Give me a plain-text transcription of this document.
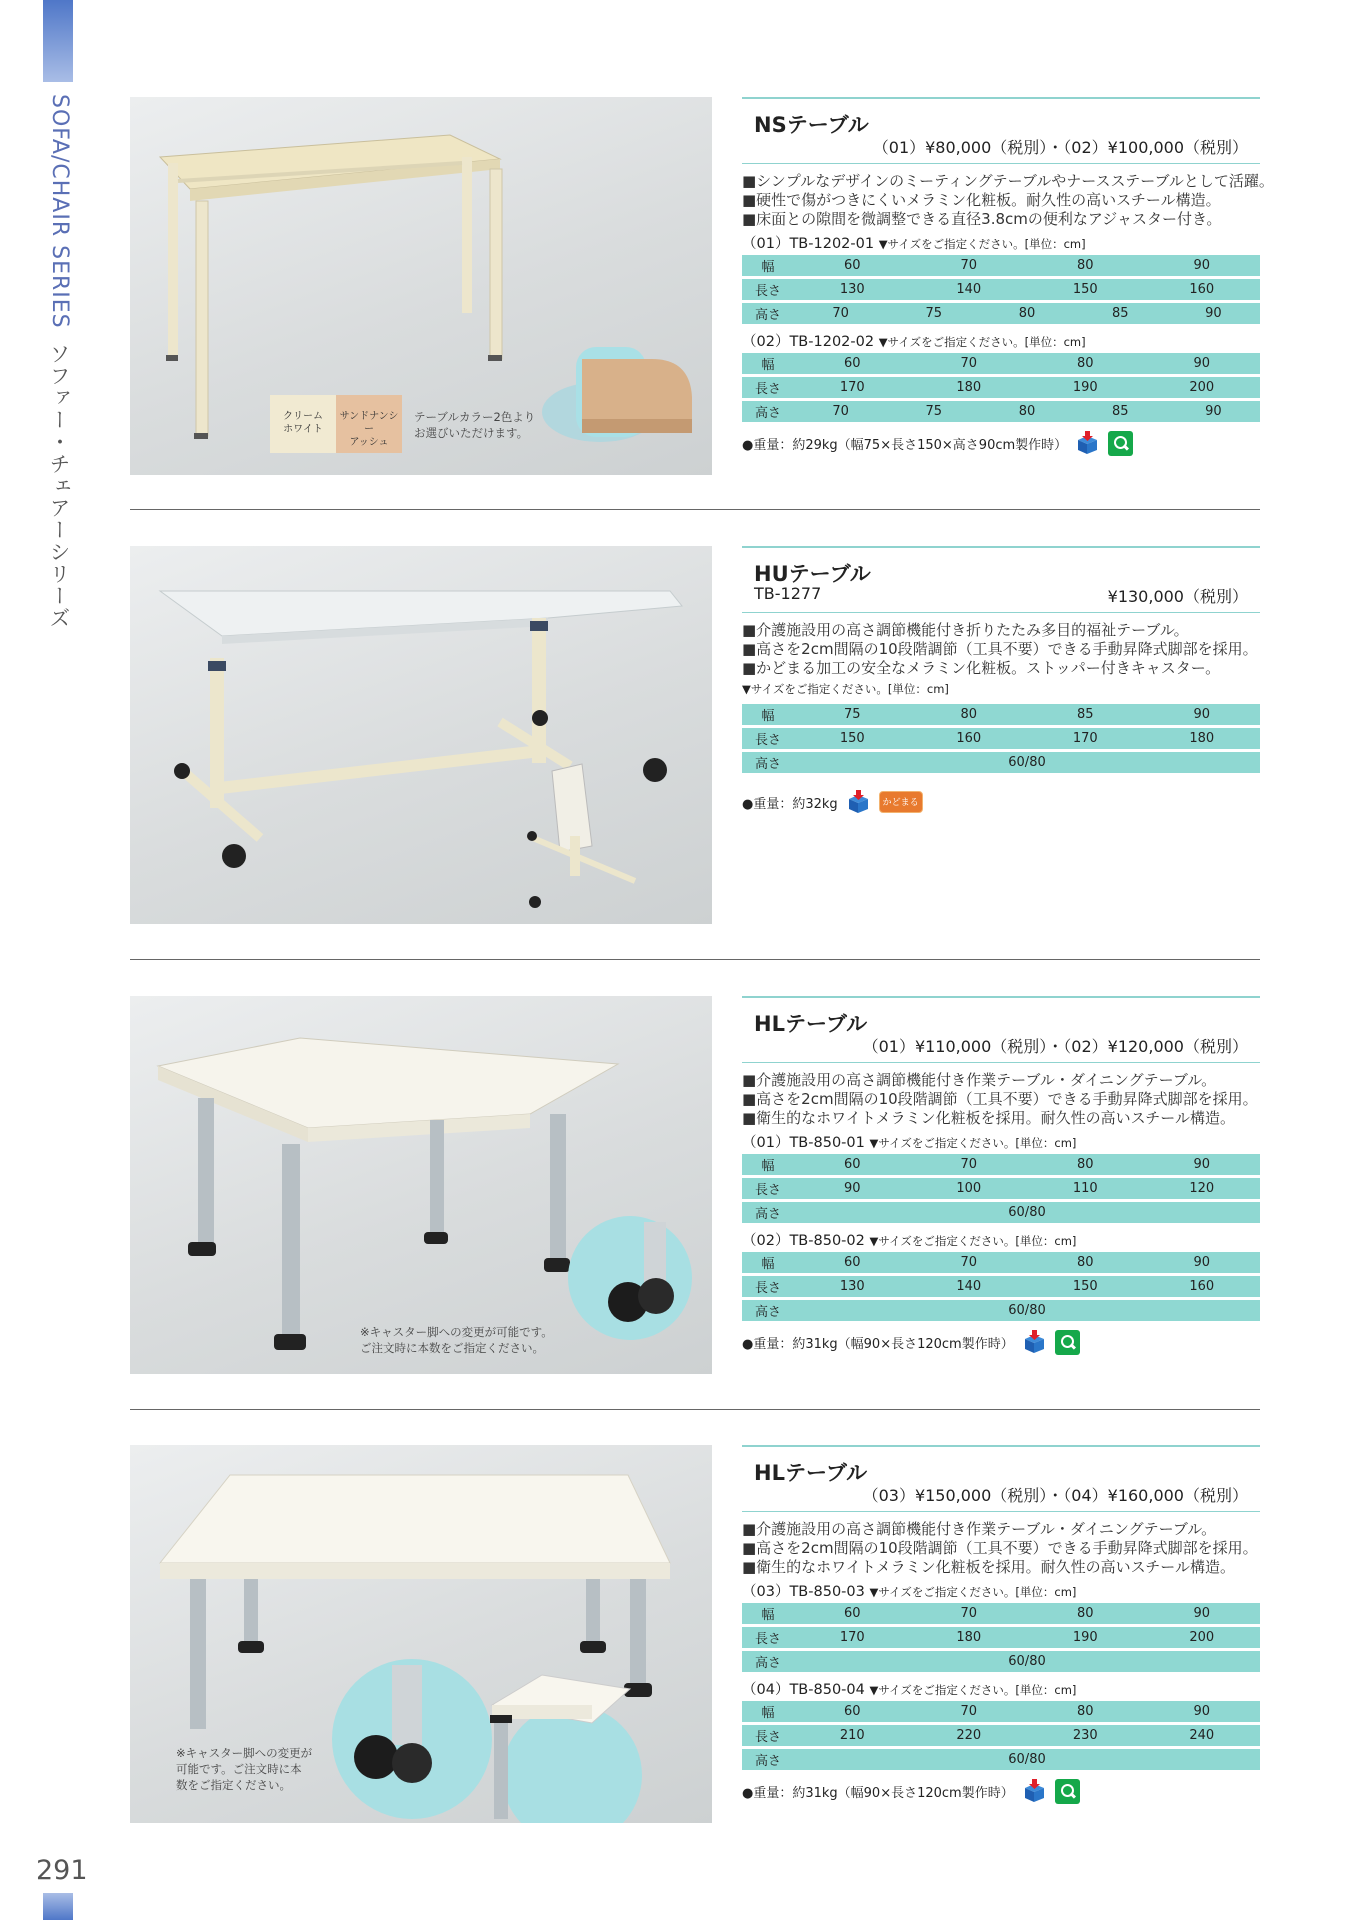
SOFA/CHAIR SERIES ソファー・チェアーシリーズ
291
クリーム
ホワイト
サンドナンシー
アッシュ
テーブルカラー2色より
お選びいただけます。
NSテーブル
（01）¥80,000（税別）・（02）¥100,000（税別）
■シンプルなデザインのミーティングテーブルやナースステーブルとして活躍。
■硬性で傷がつきにくいメラミン化粧板。耐久性の高いスチール構造。
■床面との隙間を微調整できる直径3.8cmの便利なアジャスター付き。
（01）TB-1202-01 ▼サイズをご指定ください。[単位：cm]
幅	60 70 80 90

長さ	130 140 150 160

高さ	70 75 80 85 90
（02）TB-1202-02 ▼サイズをご指定ください。[単位：cm]
幅	60 70 80 90

長さ	170 180 190 200

高さ	70 75 80 85 90
●重量：約29kg（幅75×長さ150×高さ90cm製作時）
HUテーブル
TB-1277	¥130,000（税別）
■介護施設用の高さ調節機能付き折りたたみ多目的福祉テーブル。
■高さを2cm間隔の10段階調節（工具不要）できる手動昇降式脚部を採用。
■かどまる加工の安全なメラミン化粧板。ストッパー付きキャスター。
▼サイズをご指定ください。[単位：cm]
幅	75 80 85 90

長さ	150 160 170 180

高さ	60/80
●重量：約32kg	かどまる
※キャスター脚への変更が可能です。
ご注文時に本数をご指定ください。
HLテーブル
（01）¥110,000（税別）・（02）¥120,000（税別）
■介護施設用の高さ調節機能付き作業テーブル・ダイニングテーブル。
■高さを2cm間隔の10段階調節（工具不要）できる手動昇降式脚部を採用。
■衛生的なホワイトメラミン化粧板を採用。耐久性の高いスチール構造。
（01）TB-850-01 ▼サイズをご指定ください。[単位：cm]
幅	60 70 80 90

長さ	90 100 110 120

高さ	60/80
（02）TB-850-02 ▼サイズをご指定ください。[単位：cm]
幅	60 70 80 90

長さ	130 140 150 160

高さ	60/80
●重量：約31kg（幅90×長さ120cm製作時）
※キャスター脚への変更が
可能です。ご注文時に本
数をご指定ください。
HLテーブル
（03）¥150,000（税別）・（04）¥160,000（税別）
■介護施設用の高さ調節機能付き作業テーブル・ダイニングテーブル。
■高さを2cm間隔の10段階調節（工具不要）できる手動昇降式脚部を採用。
■衛生的なホワイトメラミン化粧板を採用。耐久性の高いスチール構造。
（03）TB-850-03 ▼サイズをご指定ください。[単位：cm]
幅	60 70 80 90

長さ	170 180 190 200

高さ	60/80
（04）TB-850-04 ▼サイズをご指定ください。[単位：cm]
幅	60 70 80 90

長さ	210 220 230 240

高さ	60/80
●重量：約31kg（幅90×長さ120cm製作時）
